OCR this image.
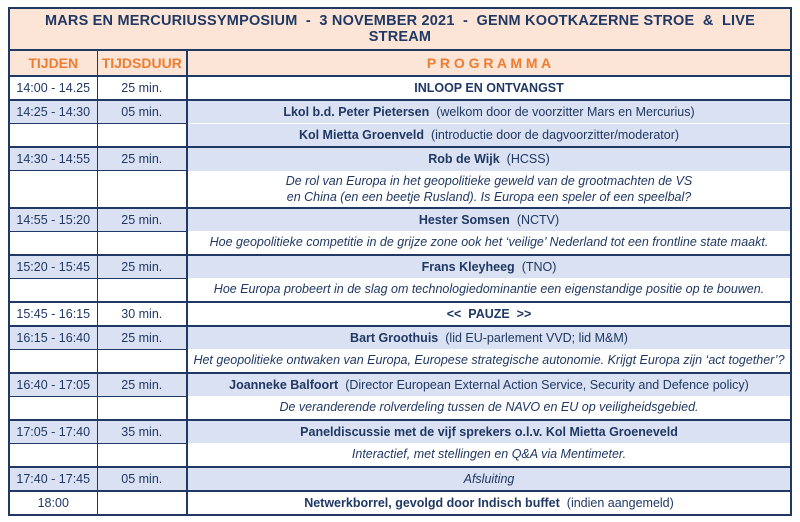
MARS EN MERCURIUSSYMPOSIUM  -  3 NOVEMBER 2021  -  GENM KOOTKAZERNE STROE  &  LIVE STREAM		
TIJDEN	TIJDSDUUR	P R O G R A M M A
14:00 - 14.25	25 min.	INLOOP EN ONTVANGST
14:25 - 14:30	05 min.	Lkol b.d. Peter Pietersen (welkom door de voorzitter Mars en Mercurius)
		Kol Mietta Groenveld (introductie door de dagvoorzitter/moderator)
14:30 - 14:55	25 min.	Rob de Wijk (HCSS)

		De rol van Europa in het geopolitieke geweld van de grootmachten de VS
en China (en een beetje Rusland). Is Europa een speler of een speelbal?

14:55 - 15:20	25 min.	Hester Somsen (NCTV)
		Hoe geopolitieke competitie in de grijze zone ook het ‘veilige’ Nederland tot een frontline state maakt.
15:20 - 15:45	25 min.	Frans Kleyheeg (TNO)
		Hoe Europa probeert in de slag om technologiedominantie een eigenstandige positie op te bouwen.
15:45 - 16:15	30 min.	<<  PAUZE  >>
16:15 - 16:40	25 min.	Bart Groothuis (lid EU-parlement VVD; lid M&M)
		Het geopolitieke ontwaken van Europa, Europese strategische autonomie. Krijgt Europa zijn ‘act together’?
16:40 - 17:05	25 min.	Joanneke Balfoort (Director European External Action Service, Security and Defence policy)
		De veranderende rolverdeling tussen de NAVO en EU op veiligheidsgebied.
17:05 - 17:40	35 min.	Paneldiscussie met de vijf sprekers o.l.v. Kol Mietta Groeneveld
		Interactief, met stellingen en Q&A via Mentimeter.
17:40 - 17:45	05 min.	Afsluiting
18:00		Netwerkborrel, gevolgd door Indisch buffet (indien aangemeld)
